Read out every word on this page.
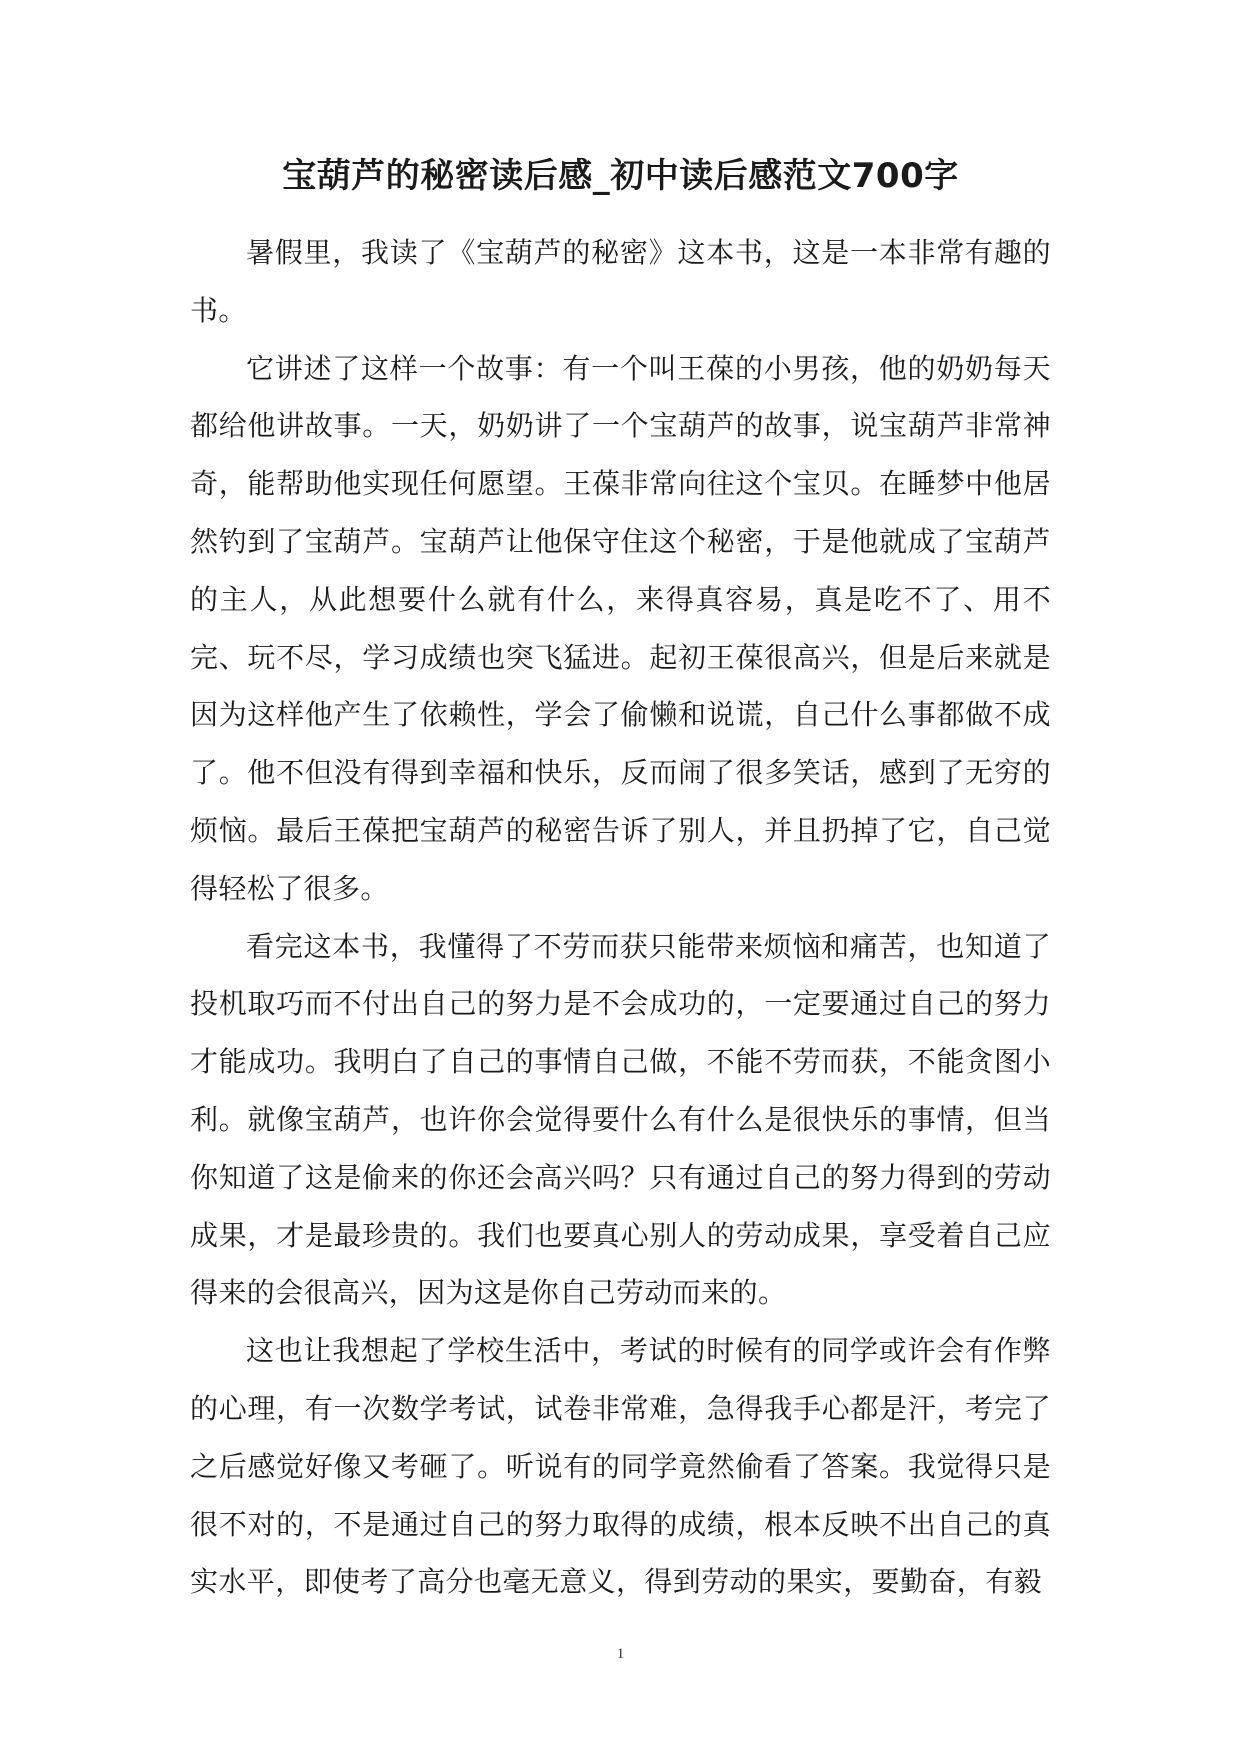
宝葫芦的秘密读后感_初中读后感范文700字

暑假里，我读了《宝葫芦的秘密》这本书，这是一本非常有趣的书。

它讲述了这样一个故事：有一个叫王葆的小男孩，他的奶奶每天都给他讲故事。一天，奶奶讲了一个宝葫芦的故事，说宝葫芦非常神奇，能帮助他实现任何愿望。王葆非常向往这个宝贝。在睡梦中他居然钓到了宝葫芦。宝葫芦让他保守住这个秘密，于是他就成了宝葫芦的主人，从此想要什么就有什么，来得真容易，真是吃不了、用不完、玩不尽，学习成绩也突飞猛进。起初王葆很高兴，但是后来就是因为这样他产生了依赖性，学会了偷懒和说谎，自己什么事都做不成了。他不但没有得到幸福和快乐，反而闹了很多笑话，感到了无穷的烦恼。最后王葆把宝葫芦的秘密告诉了别人，并且扔掉了它，自己觉得轻松了很多。

看完这本书，我懂得了不劳而获只能带来烦恼和痛苦，也知道了投机取巧而不付出自己的努力是不会成功的，一定要通过自己的努力才能成功。我明白了自己的事情自己做，不能不劳而获，不能贪图小利。就像宝葫芦，也许你会觉得要什么有什么是很快乐的事情，但当你知道了这是偷来的你还会高兴吗？只有通过自己的努力得到的劳动成果，才是最珍贵的。我们也要真心别人的劳动成果，享受着自己应得来的会很高兴，因为这是你自己劳动而来的。

这也让我想起了学校生活中，考试的时候有的同学或许会有作弊的心理，有一次数学考试，试卷非常难，急得我手心都是汗，考完了之后感觉好像又考砸了。听说有的同学竟然偷看了答案。我觉得只是很不对的，不是通过自己的努力取得的成绩，根本反映不出自己的真实水平，即使考了高分也毫无意义，得到劳动的果实，要勤奋，有毅

1
